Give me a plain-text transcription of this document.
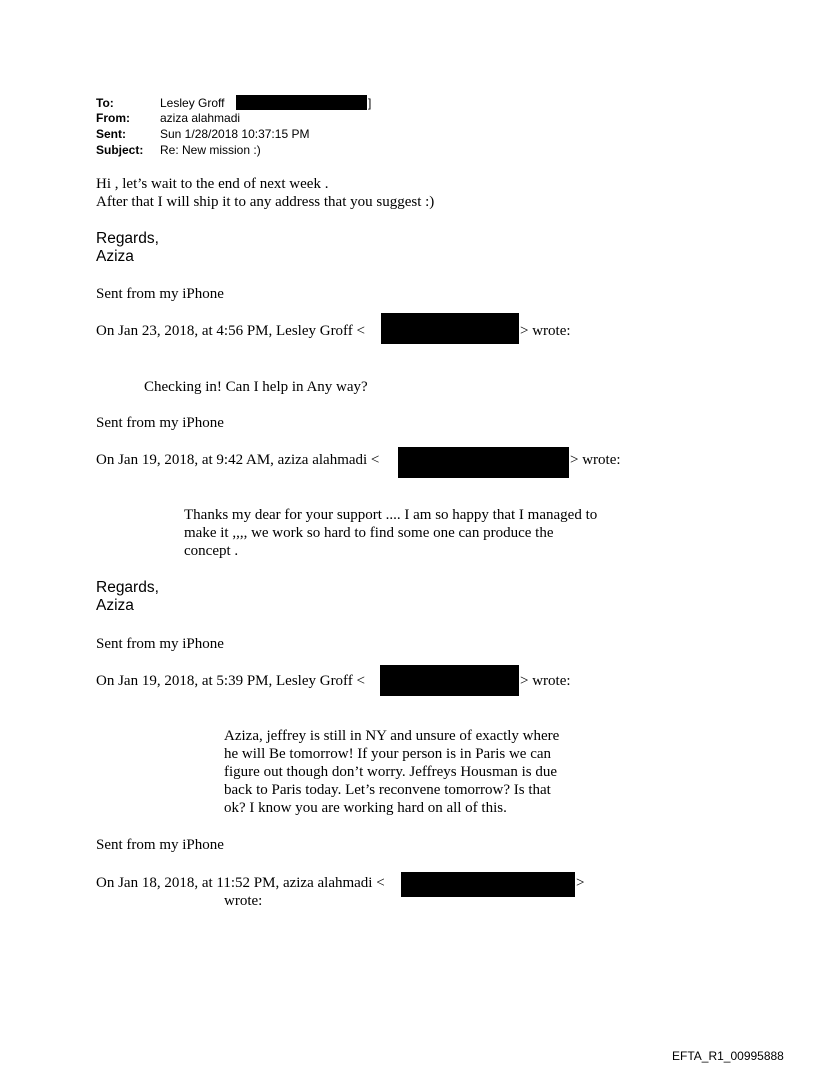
To:	Lesley Groff	]
From:	aziza alahmadi
Sent:	Sun 1/28/2018 10:37:15 PM
Subject: Re: New mission :)
Hi , let’s wait to the end of next week .
After that I will ship it to any address that you suggest :)
Regards,
Aziza
Sent from my iPhone
On Jan 23, 2018, at 4:56 PM, Lesley Groff <	> wrote:
Checking in! Can I help in Any way?
Sent from my iPhone
On Jan 19, 2018, at 9:42 AM, aziza alahmadi <	> wrote:
Thanks my dear for your support .... I am so happy that I managed to
make it ,,,, we work so hard to find some one can produce the
concept .
Regards,
Aziza
Sent from my iPhone
On Jan 19, 2018, at 5:39 PM, Lesley Groff <	> wrote:
Aziza, jeffrey is still in NY and unsure of exactly where
he will Be tomorrow! If your person is in Paris we can
figure out though don’t worry. Jeffreys Housman is due
back to Paris today. Let’s reconvene tomorrow? Is that
ok? I know you are working hard on all of this.
Sent from my iPhone
On Jan 18, 2018, at 11:52 PM, aziza alahmadi <	>
wrote:
EFTA_R1_00995888
